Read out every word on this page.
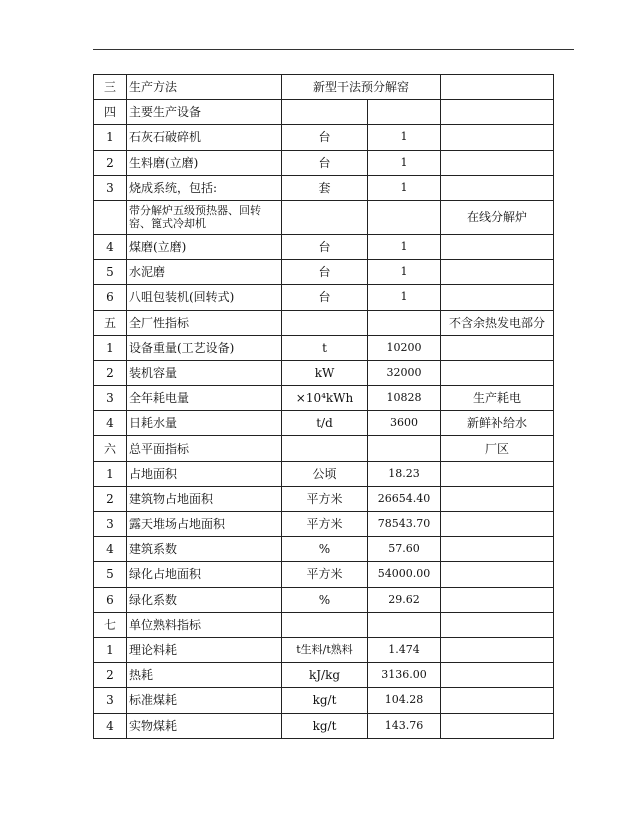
三	生产方法	新型干法预分解窑		
四	主要生产设备			
1	石灰石破碎机	台	1	
2	生料磨(立磨)	台	1	
3	烧成系统，包括:	套	1	
	带分解炉五级预热器、回转窑、篦式冷却机			在线分解炉
4	煤磨(立磨)	台	1	
5	水泥磨	台	1	
6	八咀包装机(回转式)	台	1	
五	全厂性指标			不含余热发电部分
1	设备重量(工艺设备)	t	10200	
2	装机容量	kW	32000	
3	全年耗电量	×10⁴kWh	10828	生产耗电
4	日耗水量	t/d	3600	新鲜补给水
六	总平面指标			厂区
1	占地面积	公顷	18.23	
2	建筑物占地面积	平方米	26654.40	
3	露天堆场占地面积	平方米	78543.70	
4	建筑系数	%	57.60	
5	绿化占地面积	平方米	54000.00	
6	绿化系数	%	29.62	
七	单位熟料指标			
1	理论料耗	t生料/t熟料	1.474	
2	热耗	kJ/kg	3136.00	
3	标准煤耗	kg/t	104.28	
4	实物煤耗	kg/t	143.76	
